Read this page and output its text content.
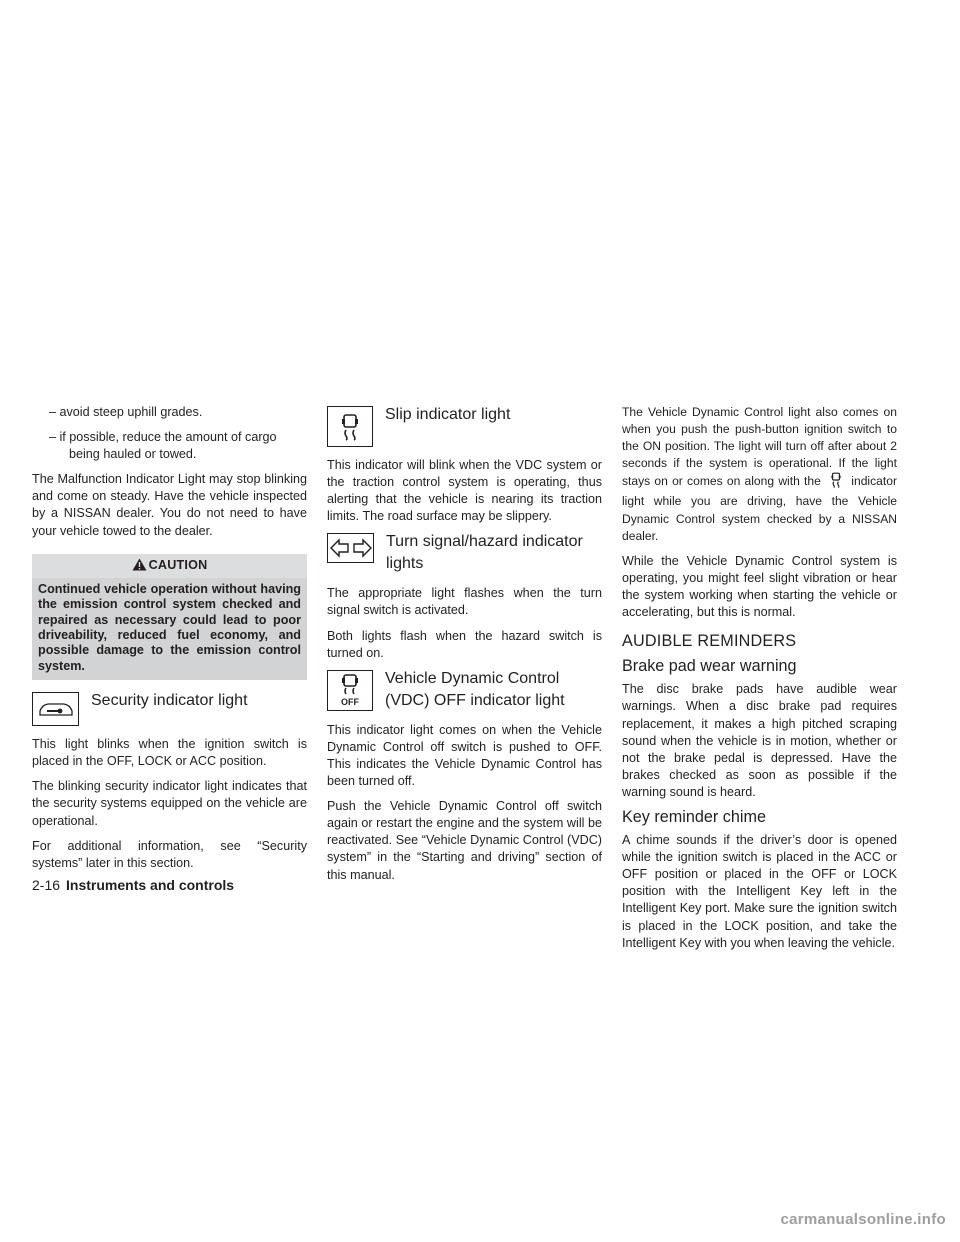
– avoid steep uphill grades.

– if possible, reduce the amount of cargo
being hauled or towed.

The Malfunction Indicator Light may stop blinking and come on steady. Have the vehicle inspected by a NISSAN dealer. You do not need to have your vehicle towed to the dealer.

CAUTION
Continued vehicle operation without having the emission control system checked and repaired as necessary could lead to poor driveability, reduced fuel economy, and possible damage to the emission control system.
Security indicator light

This light blinks when the ignition switch is placed in the OFF, LOCK or ACC position.

The blinking security indicator light indicates that the security systems equipped on the vehicle are operational.

For additional information, see “Security systems” later in this section.

Slip indicator light

This indicator will blink when the VDC system or the traction control system is operating, thus alerting that the vehicle is nearing its traction limits. The road surface may be slippery.

Turn signal/hazard indicator lights

The appropriate light flashes when the turn signal switch is activated.

Both lights flash when the hazard switch is turned on.

OFF
Vehicle Dynamic Control (VDC) OFF indicator light

This indicator light comes on when the Vehicle Dynamic Control off switch is pushed to OFF. This indicates the Vehicle Dynamic Control has been turned off.

Push the Vehicle Dynamic Control off switch again or restart the engine and the system will be reactivated. See “Vehicle Dynamic Control (VDC) system” in the “Starting and driving” section of this manual.

The Vehicle Dynamic Control light also comes on when you push the push-button ignition switch to the ON position. The light will turn off after about 2 seconds if the system is operational. If the light stays on or comes on along with the	indicator light while you are driving, have the Vehicle Dynamic Control system checked by a NISSAN dealer.

While the Vehicle Dynamic Control system is operating, you might feel slight vibration or hear the system working when starting the vehicle or accelerating, but this is normal.

AUDIBLE REMINDERS
Brake pad wear warning

The disc brake pads have audible wear warnings. When a disc brake pad requires replacement, it makes a high pitched scraping sound when the vehicle is in motion, whether or not the brake pedal is depressed. Have the brakes checked as soon as possible if the warning sound is heard.

Key reminder chime

A chime sounds if the driver’s door is opened while the ignition switch is placed in the ACC or OFF position or placed in the OFF or LOCK position with the Intelligent Key left in the Intelligent Key port. Make sure the ignition switch is placed in the LOCK position, and take the Intelligent Key with you when leaving the vehicle.

2-16 Instruments and controls
carmanualsonline.info
